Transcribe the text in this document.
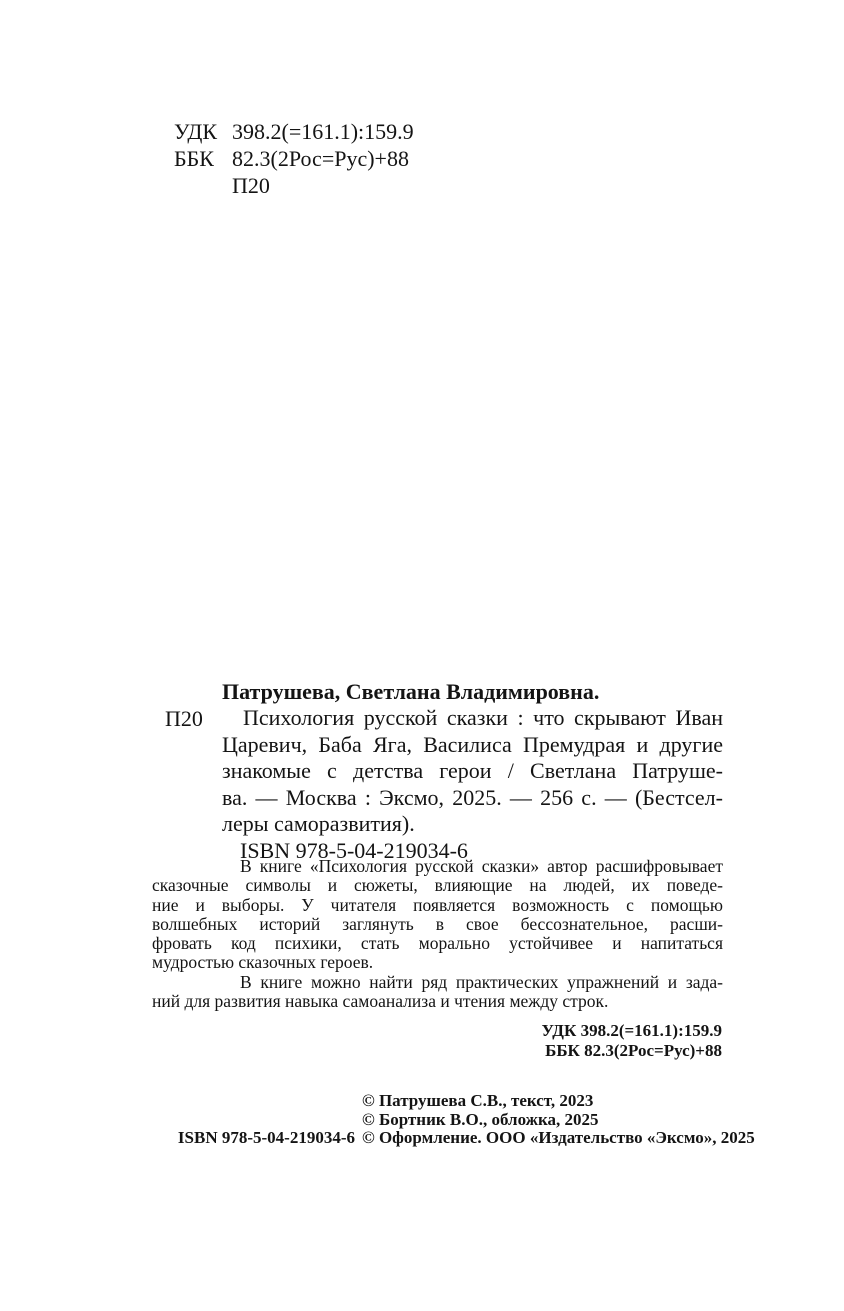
УДК 398.2(=161.1):159.9
ББК 82.3(2Рос=Рус)+88
П20
Патрушева, Светлана Владимировна.
П20	Психология русской сказки : что скрывают Иван
Царевич, Баба Яга, Василиса Премудрая и другие
знакомые с детства герои / Светлана Патруше-
ва. — Москва : Эксмо, 2025. — 256 с. — (Бестсел-
леры саморазвития).
ISBN 978-5-04-219034-6
В книге «Психология русской сказки» автор расшифровывает
сказочные символы и сюжеты, влияющие на людей, их поведе-
ние и выборы. У читателя появляется возможность с помощью
волшебных историй заглянуть в свое бессознательное, расши-
фровать код психики, стать морально устойчивее и напитаться
мудростью сказочных героев.
В книге можно найти ряд практических упражнений и зада-
ний для развития навыка самоанализа и чтения между строк.
УДК 398.2(=161.1):159.9
ББК 82.3(2Рос=Рус)+88
© Патрушева С.В., текст, 2023
© Бортник В.О., обложка, 2025
© Оформление. ООО «Издательство «Эксмо», 2025
ISBN 978-5-04-219034-6
